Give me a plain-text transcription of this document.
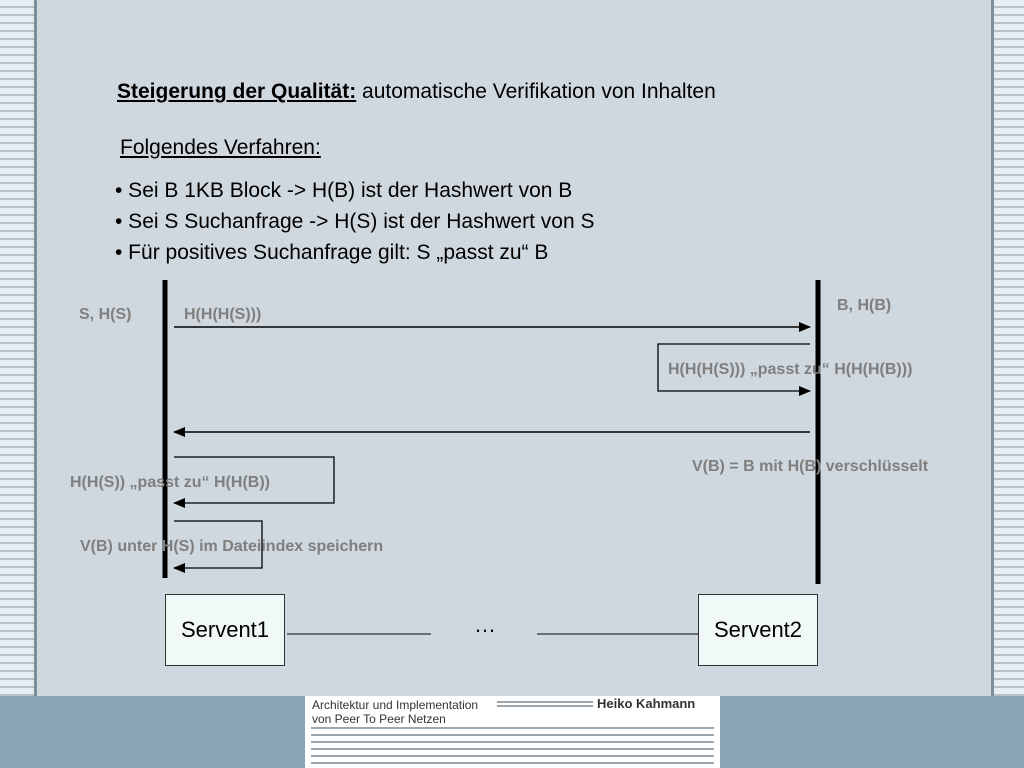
Steigerung der Qualität: automatische Verifikation von Inhalten
Folgendes Verfahren:
• Sei B 1KB Block -> H(B) ist der Hashwert von B
• Sei S Suchanfrage -> H(S) ist der Hashwert von S
• Für positives Suchanfrage gilt: S „passt zu“ B
S, H(S)	H(H(H(S)))
B, H(B)
H(H(H(S))) „passt zu“ H(H(H(B)))
V(B) = B mit H(B) verschlüsselt
H(H(S)) „passt zu“ H(H(B))
V(B) unter H(S) im Dateiindex speichern
Servent1	Servent2
…
Architektur und Implementation
von Peer To Peer Netzen
Heiko Kahmann
